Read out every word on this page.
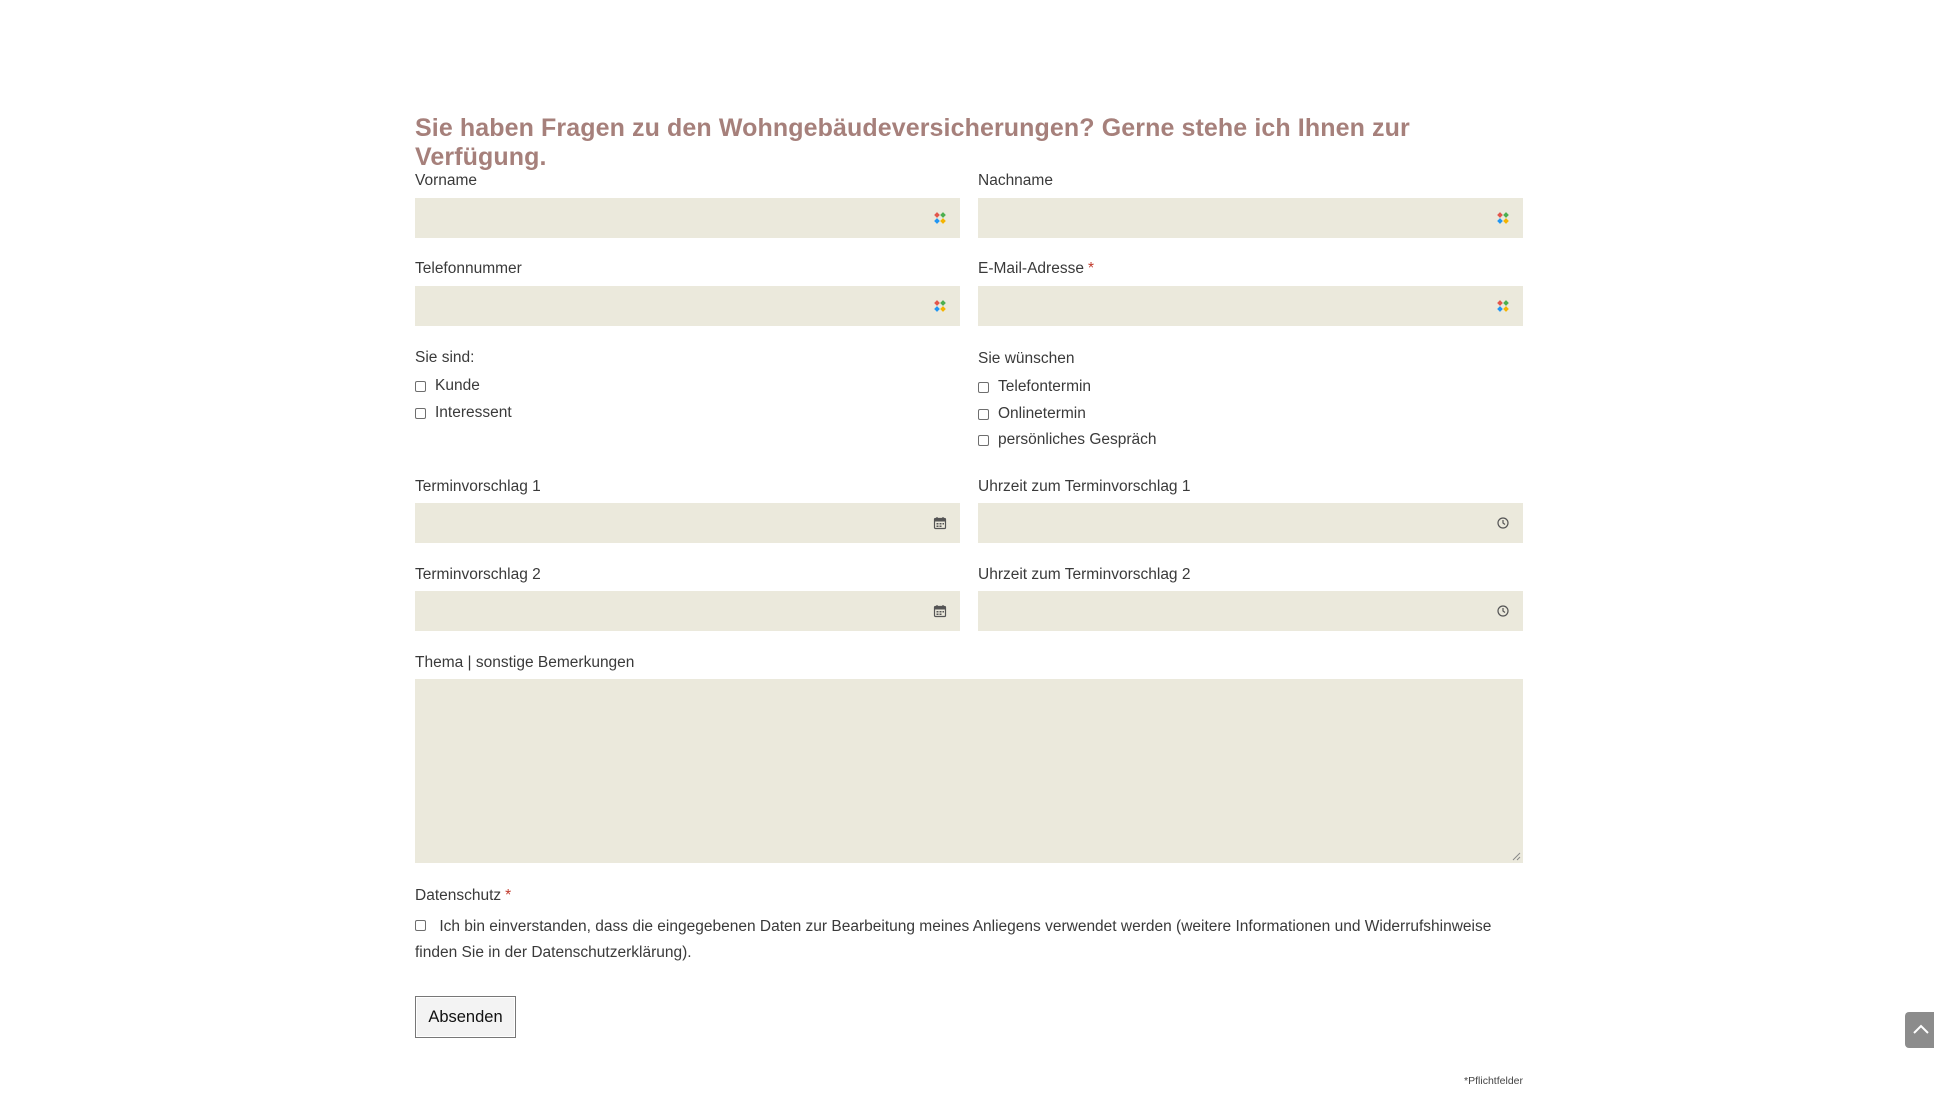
Sie haben Fragen zu den Wohngebäudeversicherungen? Gerne stehe ich Ihnen zur Verfügung.
Vorname	Nachname
Telefonnummer	E-Mail-Adresse *
Sie sind:
Kunde
Interessent
Sie wünschen
Telefontermin
Onlinetermin
persönliches Gespräch
Terminvorschlag 1	Uhrzeit zum Terminvorschlag 1
Terminvorschlag 2	Uhrzeit zum Terminvorschlag 2
Thema | sonstige Bemerkungen
Datenschutz *
Ich bin einverstanden, dass die eingegebenen Daten zur Bearbeitung meines Anliegens verwendet werden (weitere Informationen und Widerrufshinweise finden Sie in der Datenschutzerklärung).
Absenden
*Pflichtfelder
